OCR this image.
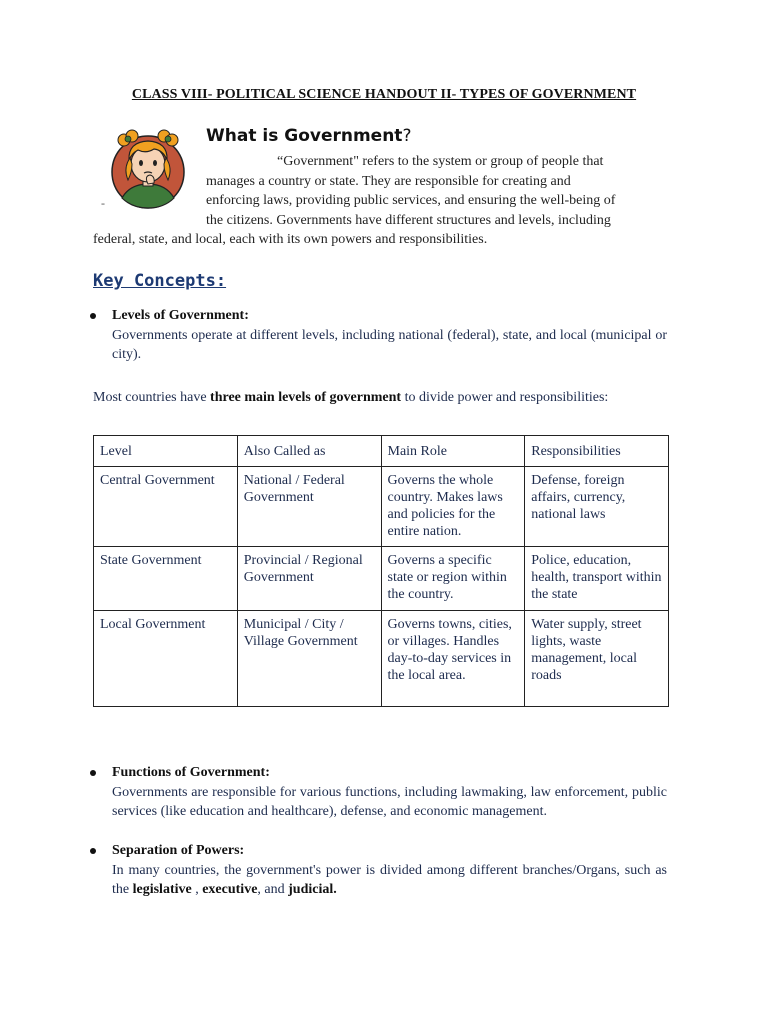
CLASS VIII- POLITICAL SCIENCE HANDOUT II- TYPES OF GOVERNMENT
-
What is Government?
“Government" refers to the system or group of people that
manages a country or state. They are responsible for creating and
enforcing laws, providing public services, and ensuring the well-being of
the citizens. Governments have different structures and levels, including
federal, state, and local, each with its own powers and responsibilities.
Key Concepts:
Levels of Government:
Governments operate at different levels, including national (federal), state, and local (municipal or city).
Most countries have three main levels of government to divide power and responsibilities:
Level	Also Called as	Main Role	Responsibilities
Central Government	National / Federal Government	Governs the whole country. Makes laws and policies for the entire nation.	Defense, foreign affairs, currency, national laws
State Government	Provincial / Regional Government	Governs a specific state or region within the country.	Police, education, health, transport within the state
Local Government	Municipal / City / Village Government	Governs towns, cities, or villages. Handles day-to-day services in the local area.	Water supply, street lights, waste management, local roads
Functions of Government:
Governments are responsible for various functions, including lawmaking, law enforcement, public services (like education and healthcare), defense, and economic management.
Separation of Powers:
In many countries, the government's power is divided among different branches/Organs, such as the legislative , executive, and judicial.
